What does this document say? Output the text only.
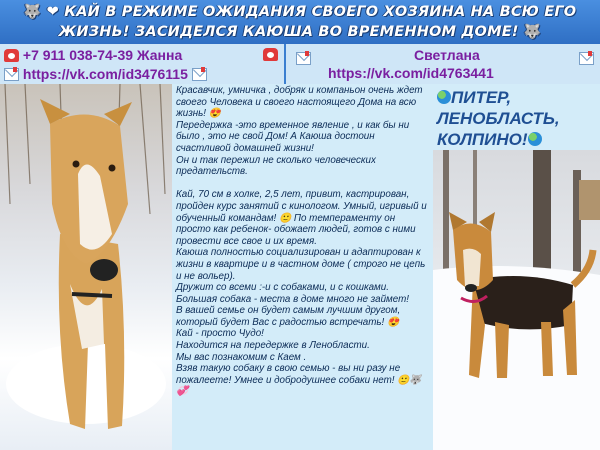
🐺 ❤ КАЙ В РЕЖИМЕ ОЖИДАНИЯ СВОЕГО ХОЗЯИНА НА ВСЮ ЕГО
ЖИЗНЬ! ЗАСИДЕЛСЯ КАЮША ВО ВРЕМЕННОМ ДОМЕ! 🐺
+7 911 038-74-39 Жанна
https://vk.com/id3476115
Светлана
https://vk.com/id4763441

Красавчик, умничка , добряк и компаньон очень ждет своего Человека и своего настоящего Дома на всю жизнь! 😍
Передержка -это временное явление , и как бы ни было , это не свой Дом! А Каюша достоин счастливой домашней жизни!
Он и так пережил не сколько человеческих предательств.

Кай, 70 см в холке, 2,5 лет, привит, кастрирован, пройден курс занятий с кинологом. Умный, игривый и обученный командам! 🙂 По темпераменту он просто как ребенок- обожает людей, готов с ними провести все свое и их время.
Каюша полностью социализирован и адаптирован к жизни в квартире и в частном доме ( строго не цепь и не вольер).
Дружит со всеми :-и с собаками, и с кошками.
Большая собака - места в доме много не займет!
В вашей семье он будет самым лучшим другом, который будет Вас с радостью встречать! 😍
Кай - просто Чудо!
Находится на передержке в Ленобласти.
Мы вас познакомим с Каем .
Взяв такую собаку в свою семью - вы ни разу не пожалеете! Умнее и добродушнее собаки нет! 🙂🐺💞

ПИТЕР, ЛЕНОБЛАСТЬ, КОЛПИНО!
